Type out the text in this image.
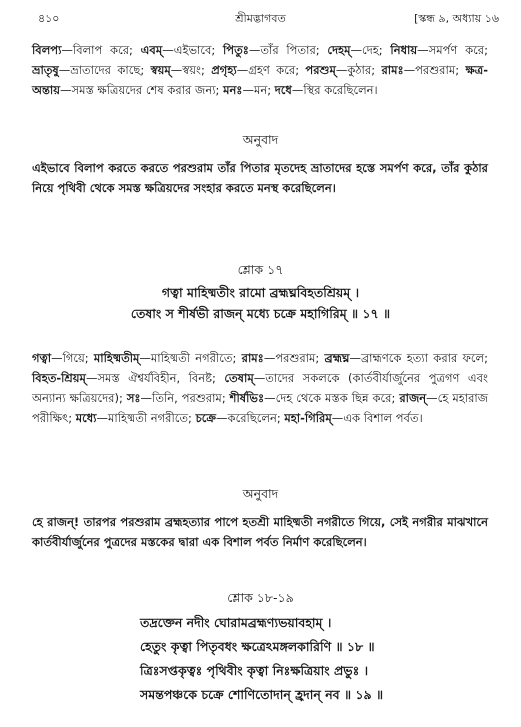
৪১০	শ্রীমদ্ভাগবত	[স্কন্ধ ৯, অধ্যায় ১৬
বিলপ্য—বিলাপ করে; এবম্—এইভাবে; পিতুঃ—তাঁর পিতার; দেহম্—দেহ; নিধায়—সমর্পণ করে; ভ্রাতৃষু—ভ্রাতাদের কাছে; স্বয়ম্—স্বয়ং; প্রগৃহ্য—গ্রহণ করে; পরশুম্—কুঠার; রামঃ—পরশুরাম; ক্ষত্র-অন্তায়—সমস্ত ক্ষত্রিয়দের শেষ করার জন্য; মনঃ—মন; দধে—স্থির করেছিলেন।
অনুবাদ
এইভাবে বিলাপ করতে করতে পরশুরাম তাঁর পিতার মৃতদেহ ভ্রাতাদের হস্তে সমর্পণ করে, তাঁর কুঠার নিয়ে পৃথিবী থেকে সমস্ত ক্ষত্রিয়দের সংহার করতে মনস্থ করেছিলেন।
শ্লোক ১৭
গত্বা মাহিষ্মতীং রামো ব্রহ্মঘ্নবিহতশ্রিয়ম্ ।
তেষাং স শীর্ষভী রাজন্ মধ্যে চক্রে মহাগিরিম্ ॥ ১৭ ॥
গত্বা—গিয়ে; মাহিষ্মতীম্—মাহিষ্মতী নগরীতে; রামঃ—পরশুরাম; ব্রহ্মঘ্ন—ব্রাহ্মণকে হত্যা করার ফলে; বিহত-শ্রিয়ম্—সমস্ত ঐশ্বর্যবিহীন, বিনষ্ট; তেষাম্—তাদের সকলকে (কার্তবীর্যার্জুনের পুত্রগণ এবং অন্যান্য ক্ষত্রিয়দের); সঃ—তিনি, পরশুরাম; শীর্ষভিঃ—দেহ থেকে মস্তক ছিন্ন করে; রাজন্—হে মহারাজ পরীক্ষিৎ; মধ্যে—মাহিষ্মতী নগরীতে; চক্রে—করেছিলেন; মহা-গিরিম্—এক বিশাল পর্বত।
অনুবাদ
হে রাজন্! তারপর পরশুরাম ব্রহ্মহত্যার পাপে হতশ্রী মাহিষ্মতী নগরীতে গিয়ে, সেই নগরীর মাঝখানে কার্তবীর্যার্জুনের পুত্রদের মস্তকের দ্বারা এক বিশাল পর্বত নির্মাণ করেছিলেন।
শ্লোক ১৮-১৯
তদ্রক্তেন নদীং ঘোরামব্রহ্মণ্যভয়াবহাম্ ।
হেতুং কৃত্বা পিতৃবধং ক্ষত্রেঽমঙ্গলকারিণি ॥ ১৮ ॥
ত্রিঃসপ্তকৃত্বঃ পৃথিবীং কৃত্বা নিঃক্ষত্রিয়াং প্রভুঃ ।
সমন্তপঞ্চকে চক্রে শোণিতোদান্ হ্রদান্ নব ॥ ১৯ ॥
